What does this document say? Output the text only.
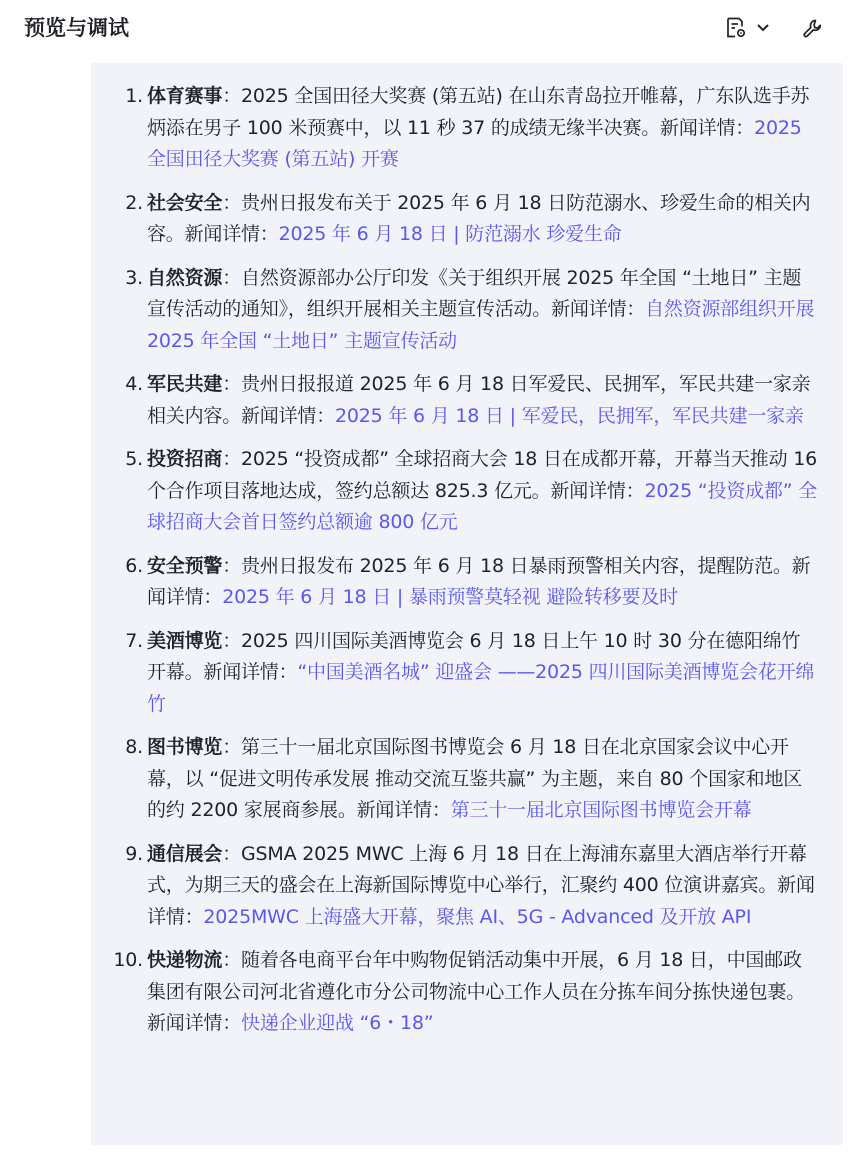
预览与调试
1. 体育赛事：2025 全国田径大奖赛 (第五站) 在山东青岛拉开帷幕，广东队选手苏炳添在男子 100 米预赛中，以 11 秒 37 的成绩无缘半决赛。新闻详情：2025 全国田径大奖赛 (第五站) 开赛
2. 社会安全：贵州日报发布关于 2025 年 6 月 18 日防范溺水、珍爱生命的相关内容。新闻详情：2025 年 6 月 18 日 | 防范溺水 珍爱生命
3. 自然资源：自然资源部办公厅印发《关于组织开展 2025 年全国 “土地日” 主题宣传活动的通知》，组织开展相关主题宣传活动。新闻详情：自然资源部组织开展 2025 年全国 “土地日” 主题宣传活动
4. 军民共建：贵州日报报道 2025 年 6 月 18 日军爱民、民拥军，军民共建一家亲相关内容。新闻详情：2025 年 6 月 18 日 | 军爱民，民拥军，军民共建一家亲
5. 投资招商：2025 “投资成都” 全球招商大会 18 日在成都开幕，开幕当天推动 16 个合作项目落地达成，签约总额达 825.3 亿元。新闻详情：2025 “投资成都” 全球招商大会首日签约总额逾 800 亿元
6. 安全预警：贵州日报发布 2025 年 6 月 18 日暴雨预警相关内容，提醒防范。新闻详情：2025 年 6 月 18 日 | 暴雨预警莫轻视 避险转移要及时
7. 美酒博览：2025 四川国际美酒博览会 6 月 18 日上午 10 时 30 分在德阳绵竹开幕。新闻详情：“中国美酒名城” 迎盛会 ——2025 四川国际美酒博览会花开绵竹
8. 图书博览：第三十一届北京国际图书博览会 6 月 18 日在北京国家会议中心开幕，以 “促进文明传承发展 推动交流互鉴共赢” 为主题，来自 80 个国家和地区的约 2200 家展商参展。新闻详情：第三十一届北京国际图书博览会开幕
9. 通信展会：GSMA 2025 MWC 上海 6 月 18 日在上海浦东嘉里大酒店举行开幕式，为期三天的盛会在上海新国际博览中心举行，汇聚约 400 位演讲嘉宾。新闻详情：2025MWC 上海盛大开幕，聚焦 AI、5G - Advanced 及开放 API
10. 快递物流：随着各电商平台年中购物促销活动集中开展，6 月 18 日，中国邮政集团有限公司河北省遵化市分公司物流中心工作人员在分拣车间分拣快递包裹。新闻详情：快递企业迎战 “6・18”
